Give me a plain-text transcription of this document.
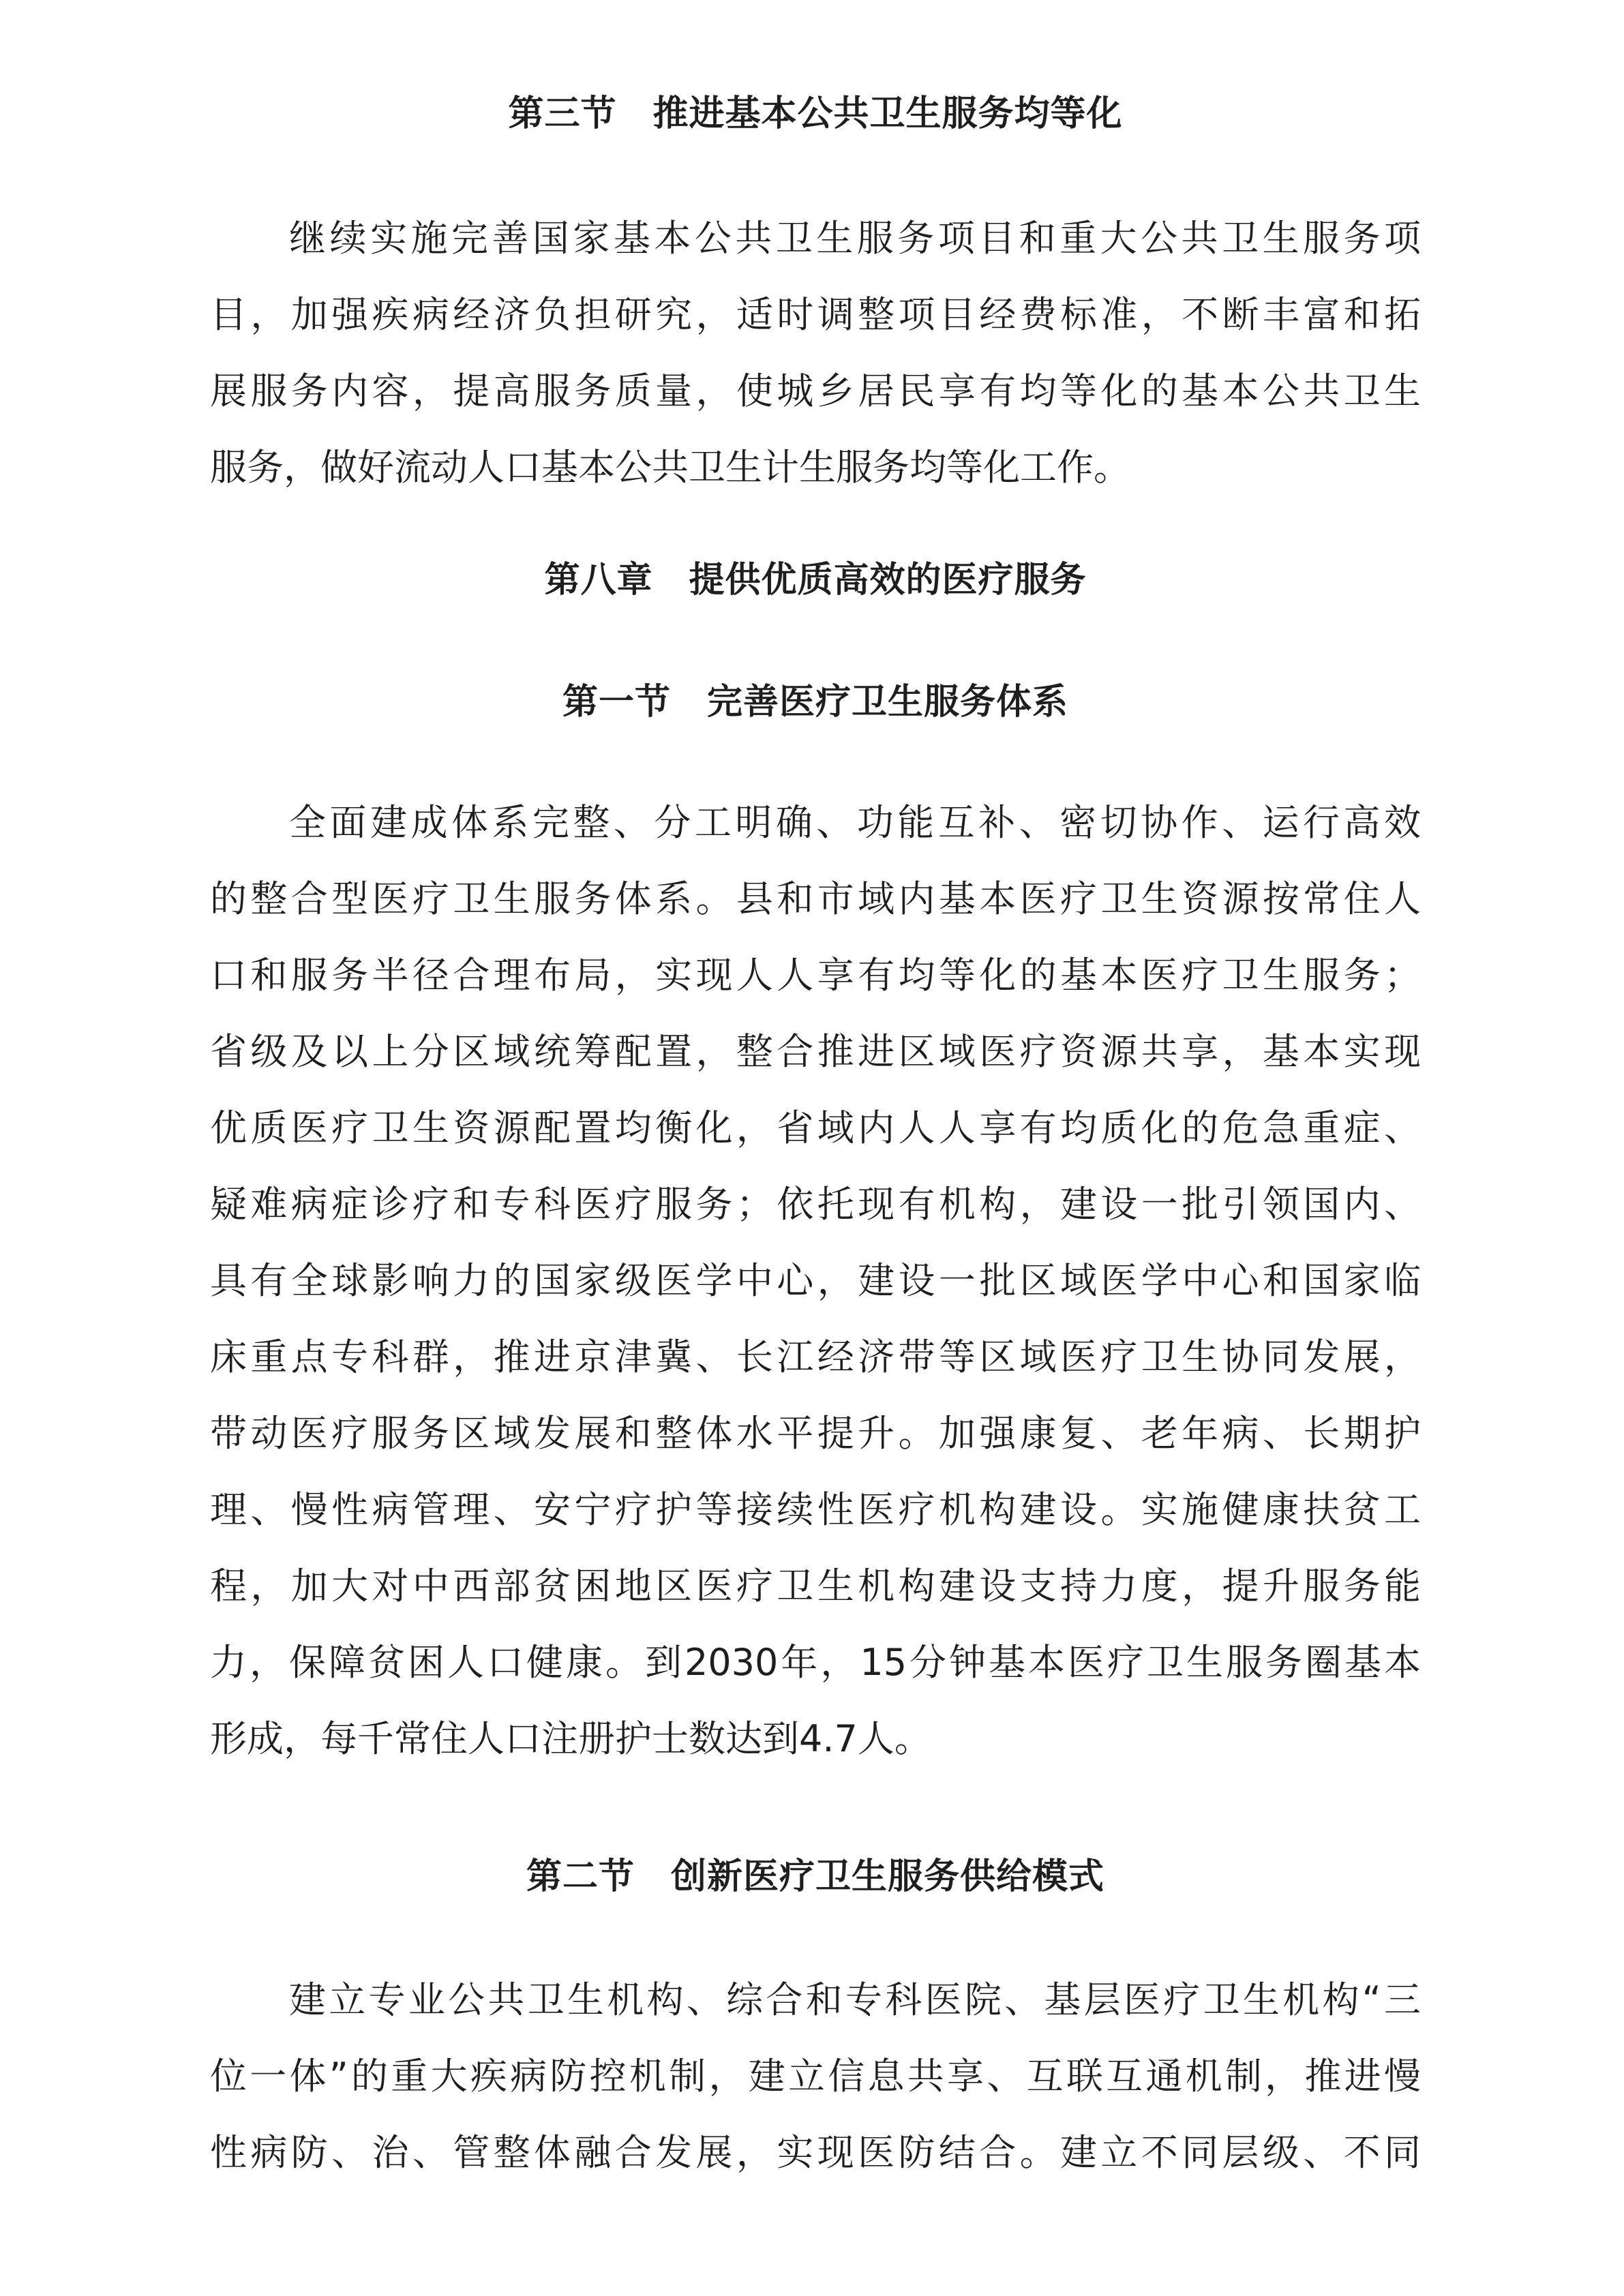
第三节　推进基本公共卫生服务均等化
继续实施完善国家基本公共卫生服务项目和重大公共卫生服务项
目，加强疾病经济负担研究，适时调整项目经费标准，不断丰富和拓
展服务内容，提高服务质量，使城乡居民享有均等化的基本公共卫生
服务，做好流动人口基本公共卫生计生服务均等化工作。
第八章　提供优质高效的医疗服务
第一节　完善医疗卫生服务体系
全面建成体系完整、分工明确、功能互补、密切协作、运行高效
的整合型医疗卫生服务体系。县和市域内基本医疗卫生资源按常住人
口和服务半径合理布局，实现人人享有均等化的基本医疗卫生服务；
省级及以上分区域统筹配置，整合推进区域医疗资源共享，基本实现
优质医疗卫生资源配置均衡化，省域内人人享有均质化的危急重症、
疑难病症诊疗和专科医疗服务；依托现有机构，建设一批引领国内、
具有全球影响力的国家级医学中心，建设一批区域医学中心和国家临
床重点专科群，推进京津冀、长江经济带等区域医疗卫生协同发展，
带动医疗服务区域发展和整体水平提升。加强康复、老年病、长期护
理、慢性病管理、安宁疗护等接续性医疗机构建设。实施健康扶贫工
程，加大对中西部贫困地区医疗卫生机构建设支持力度，提升服务能
力，保障贫困人口健康。到2030年，15分钟基本医疗卫生服务圈基本
形成，每千常住人口注册护士数达到4.7人。
第二节　创新医疗卫生服务供给模式
建立专业公共卫生机构、综合和专科医院、基层医疗卫生机构“三
位一体”的重大疾病防控机制，建立信息共享、互联互通机制，推进慢
性病防、治、管整体融合发展，实现医防结合。建立不同层级、不同
